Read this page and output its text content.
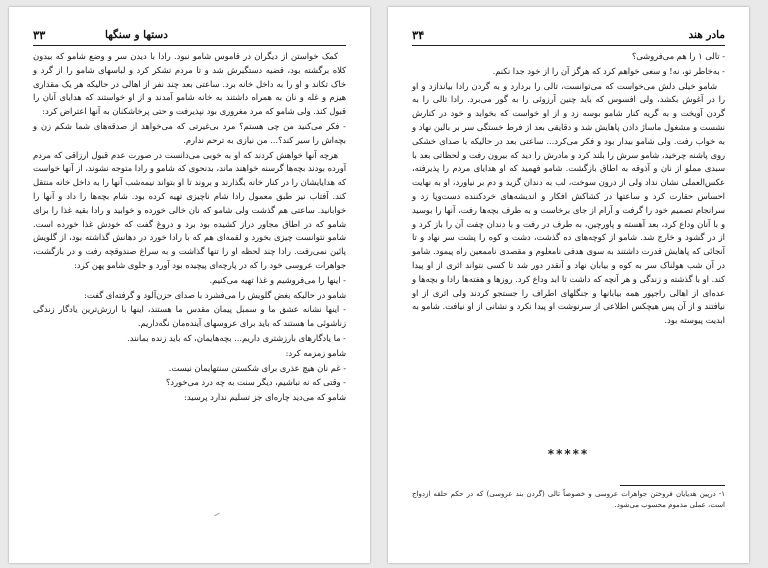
دستها و سنگها
۳۳

کمک خواستن از دیگران در قاموس شامو نبود. رادا با دیدن سر و وضع شامو که بیدون کلاه برگشته بود، قضیه دستگیرش شد و تا مردم تشکر کرد و لباسهای شامو را از گرد و خاک تکاند و او را به داخل خانه برد. ساعتی بعد چند نفر از اهالی در حالیکه هر یک مقداری هیزم و غله و نان به همراه داشتند به خانه شامو آمدند و از او خواستند که هدایای آنان را قبول کند. ولی شامو که مرد مغروری بود نپذیرفت و حتی پرخاشکنان به آنها اعتراض کرد:

- فکر می‌کنید من چی هستم؟ مرد بی‌غیرتی که می‌خواهد از صدقه‌های شما شکم زن و بچه‌اش را سیر کند؟... من نیازی به ترحم ندارم.

هرچه آنها خواهش کردند که او به خوبی می‌دانست در صورت عدم قبول ارزاقی که مردم آورده بودند بچه‌ها گرسنه خواهند ماند، بدنحوی که شامو و رادا متوجه نشوند، از آنها خواست که هدایایشان را در کنار خانه بگذارند و بروند تا او بتواند نیمه‌شب آنها را به داخل خانه منتقل کند. آفتاب نیز طبق معمول رادا شام ناچیزی تهیه کرده بود. شام بچه‌ها را داد و آنها را خوابانید. ساعتی هم گذشت ولی شامو که نان خالی خورده و خوابید و رادا بقیه غذا را برای شامو که در اطاق مجاور دراز کشیده بود برد و دروغ گفت که خودش غذا خورده است. شامو نتوانست چیزی بخورد و لقمه‌ای هم که با رادا خورد در دهانش گذاشته بود، از گلویش پائین نمی‌رفت. رادا چند لحظه او را تنها گذاشت و به سراغ صندوقچه رفت و در بازگشت، جواهرات عروسی خود را که در پارچه‌ای پیچیده بود آورد و جلوی شامو پهن کرد:

- اینها را می‌فروشیم و غذا تهیه می‌کنیم.

شامو در حالیکه بغض گلویش را می‌فشرد با صدای حزن‌آلود و گرفته‌ای گفت:

- اینها نشانه عشق ما و سمبل پیمان مقدس ما هستند، اینها با ارزش‌ترین یادگار زندگی زناشوئی ما هستند که باید برای عروسهای آینده‌مان نگه‌داریم.

- ما یادگارهای بارزشتری داریم... بچه‌هایمان، که باید زنده بمانند.

شامو زمزمه کرد:

- غم نان هیچ عذری برای شکستن سنتهایمان نیست.

- وقتی که نه نباشیم، دیگر سنت به چه درد می‌خورد؟

شامو که می‌دید چاره‌ای جز تسلیم ندارد پرسید:

مادر هند
۳۴

- تالی ۱ را هم می‌فروشی؟

- به‌خاطر تو، نه! و سعی خواهم کرد که هرگز آن را از خود جدا نکنم.

شامو خیلی دلش می‌خواست که می‌توانست، تالی را بردارد و به گردن رادا بیاندازد و او را در آغوش بکشد، ولی افسوس که باید چنین آرزوئی را به گور می‌برد. رادا تالی را به گردن آویخت و به گریه کنار شامو بوسه زد و از او خواست که بخوابد و خود در کنارش نشست و مشغول ماساژ دادن پاهایش شد و دقایقی بعد از فرط خستگی سر بر بالین نهاد و به خواب رفت. ولی شامو بیدار بود و فکر می‌کرد... ساعتی بعد در حالیکه با صدای خشکی روی پاشنه چرخید، شامو سرش را بلند کرد و مادرش را دید که بیرون رفت و لحظاتی بعد با سبدی مملو از نان و آذوقه به اطاق بازگشت. شامو فهمید که او هدایای مردم را پذیرفته، عکس‌العملی نشان نداد ولی از درون سوخت، لب به دندان گزید و دم بر نیاورد، او به نهایت احساس حقارت کرد و ساعتها در کشاکش افکار و اندیشه‌های خردکننده دست‌وپا زد و سرانجام تصمیم خود را گرفت و آرام از جای برخاست و به طرف بچه‌ها رفت، آنها را بوسید و با آنان وداع کرد، بعد آهسته و پاورچین، به طرف در رفت و با دندان چفت آن را باز کرد و از در گشود و خارج شد. شامو از کوچه‌های ده گذشت، دشت و کوه را پشت سر نهاد و تا آنجائی که پاهایش قدرت داشتند به سوی هدفی نامعلوم و مقصدی ناممعین راه پیمود. شامو در آن شب هولناک سر به کوه و بیابان نهاد و آنقدر دور شد تا کسی نتواند اثری از او پیدا کند. او با گذشته و زندگی و هر آنچه که داشت تا ابد وداع کرد. روزها و هفته‌ها رادا و بچه‌ها و عده‌ای از اهالی راجپور همه بیابانها و جنگلهای اطراف را جستجو کردند ولی اثری از او نیافتند و از آن پس هیچکس اطلاعی از سرنوشت او پیدا نکرد و نشانی از او نیافت. شامو به ابدیت پیوسته بود.

*****
۱- درپین هدیایان فروختن جواهرات عروسی و خصوصاً تالی (گردن بند عروسی) که در حکم حلقه ازدواج است، عملی مذموم محسوب می‌شود.
